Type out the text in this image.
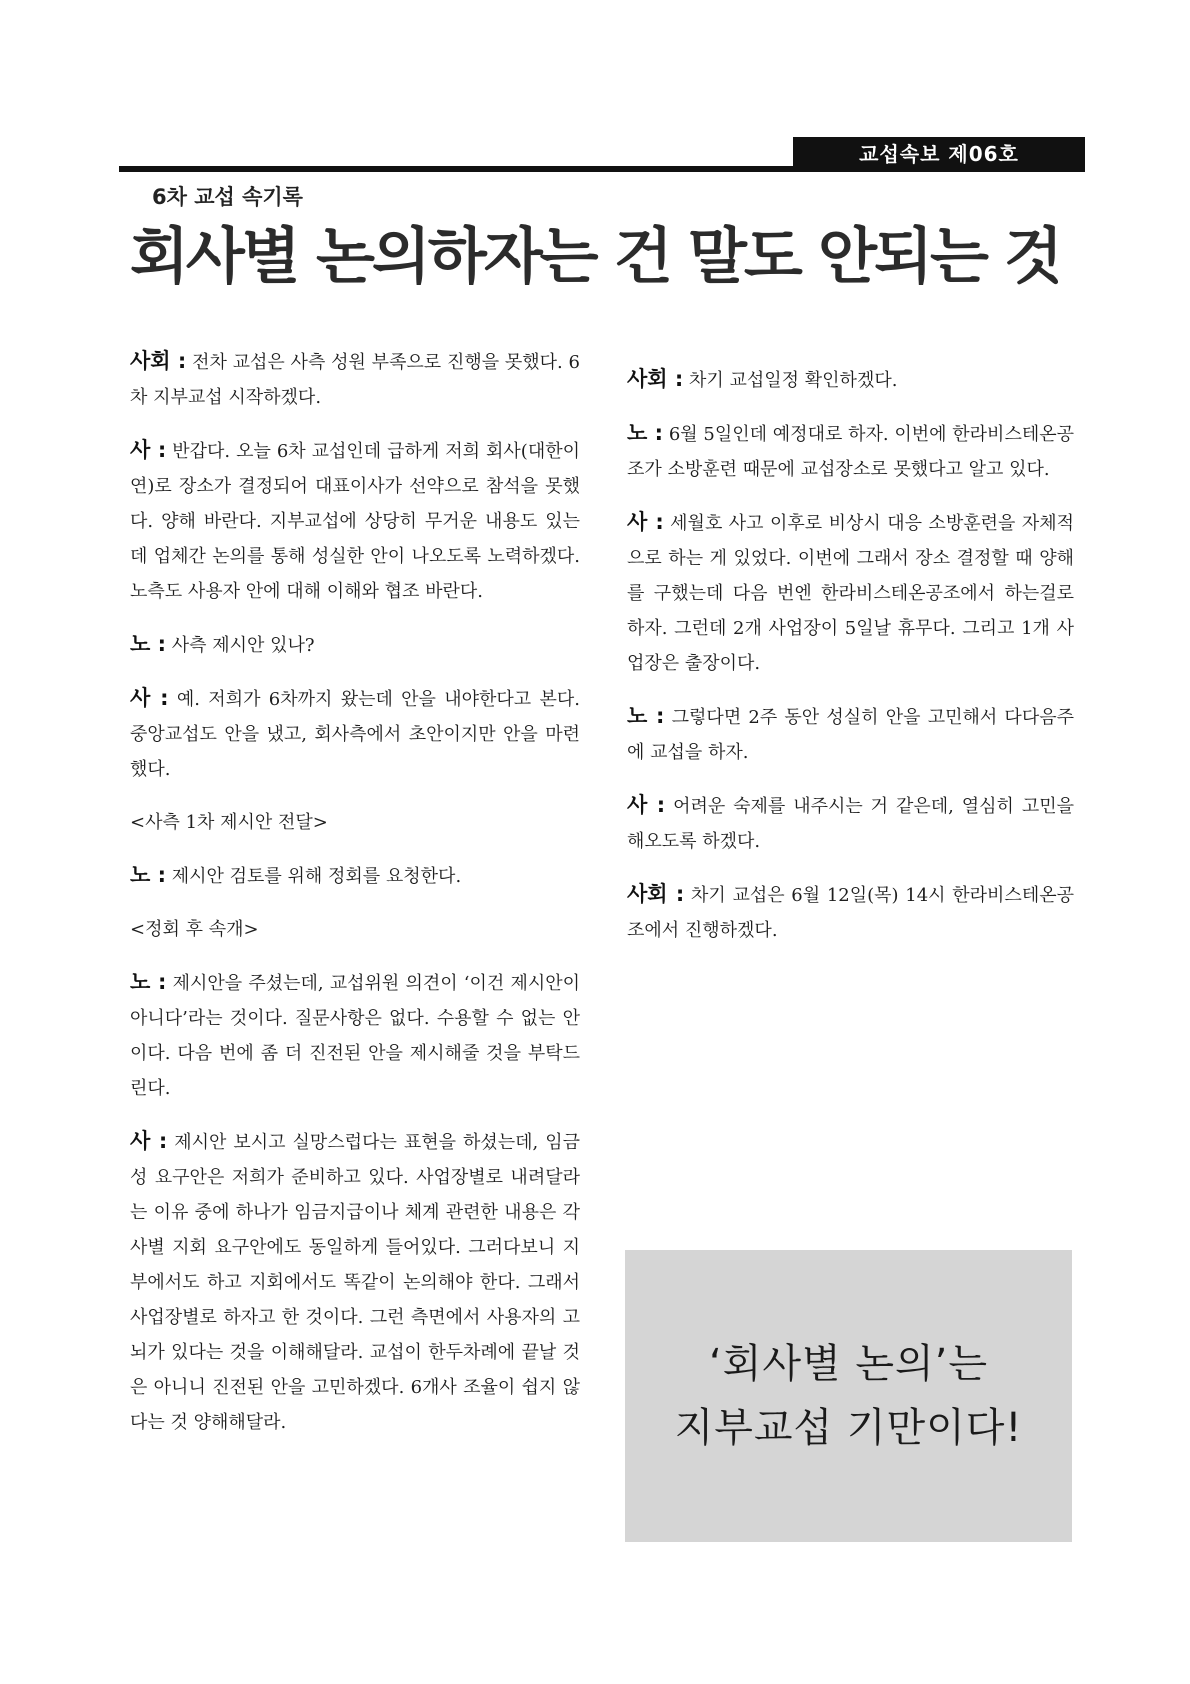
교섭속보 제06호
6차 교섭 속기록
회사별 논의하자는 건 말도 안되는 것

사회 : 전차 교섭은 사측 성원 부족으로 진행을 못했다. 6차 지부교섭 시작하겠다.

사 : 반갑다. 오늘 6차 교섭인데 급하게 저희 회사(대한이연)로 장소가 결정되어 대표이사가 선약으로 참석을 못했다. 양해 바란다. 지부교섭에 상당히 무거운 내용도 있는데 업체간 논의를 통해 성실한 안이 나오도록 노력하겠다. 노측도 사용자 안에 대해 이해와 협조 바란다.

노 : 사측 제시안 있나?

사 : 예. 저희가 6차까지 왔는데 안을 내야한다고 본다. 중앙교섭도 안을 냈고, 회사측에서 초안이지만 안을 마련했다.

<사측 1차 제시안 전달>

노 : 제시안 검토를 위해 정회를 요청한다.

<정회 후 속개>

노 : 제시안을 주셨는데, 교섭위원 의견이 ‘이건 제시안이 아니다’라는 것이다. 질문사항은 없다. 수용할 수 없는 안이다. 다음 번에 좀 더 진전된 안을 제시해줄 것을 부탁드린다.

사 : 제시안 보시고 실망스럽다는 표현을 하셨는데, 임금성 요구안은 저희가 준비하고 있다. 사업장별로 내려달라는 이유 중에 하나가 임금지급이나 체계 관련한 내용은 각 사별 지회 요구안에도 동일하게 들어있다. 그러다보니 지부에서도 하고 지회에서도 똑같이 논의해야 한다. 그래서 사업장별로 하자고 한 것이다. 그런 측면에서 사용자의 고뇌가 있다는 것을 이해해달라. 교섭이 한두차례에 끝날 것은 아니니 진전된 안을 고민하겠다. 6개사 조율이 쉽지 않다는 것 양해해달라.

사회 : 차기 교섭일정 확인하겠다.

노 : 6월 5일인데 예정대로 하자. 이번에 한라비스테온공조가 소방훈련 때문에 교섭장소로 못했다고 알고 있다.

사 : 세월호 사고 이후로 비상시 대응 소방훈련을 자체적으로 하는 게 있었다. 이번에 그래서 장소 결정할 때 양해를 구했는데 다음 번엔 한라비스테온공조에서 하는걸로 하자. 그런데 2개 사업장이 5일날 휴무다. 그리고 1개 사업장은 출장이다.

노 : 그렇다면 2주 동안 성실히 안을 고민해서 다다음주에 교섭을 하자.

사 : 어려운 숙제를 내주시는 거 같은데, 열심히 고민을 해오도록 하겠다.

사회 : 차기 교섭은 6월 12일(목) 14시 한라비스테온공조에서 진행하겠다.

‘회사별 논의’는
지부교섭 기만이다!
